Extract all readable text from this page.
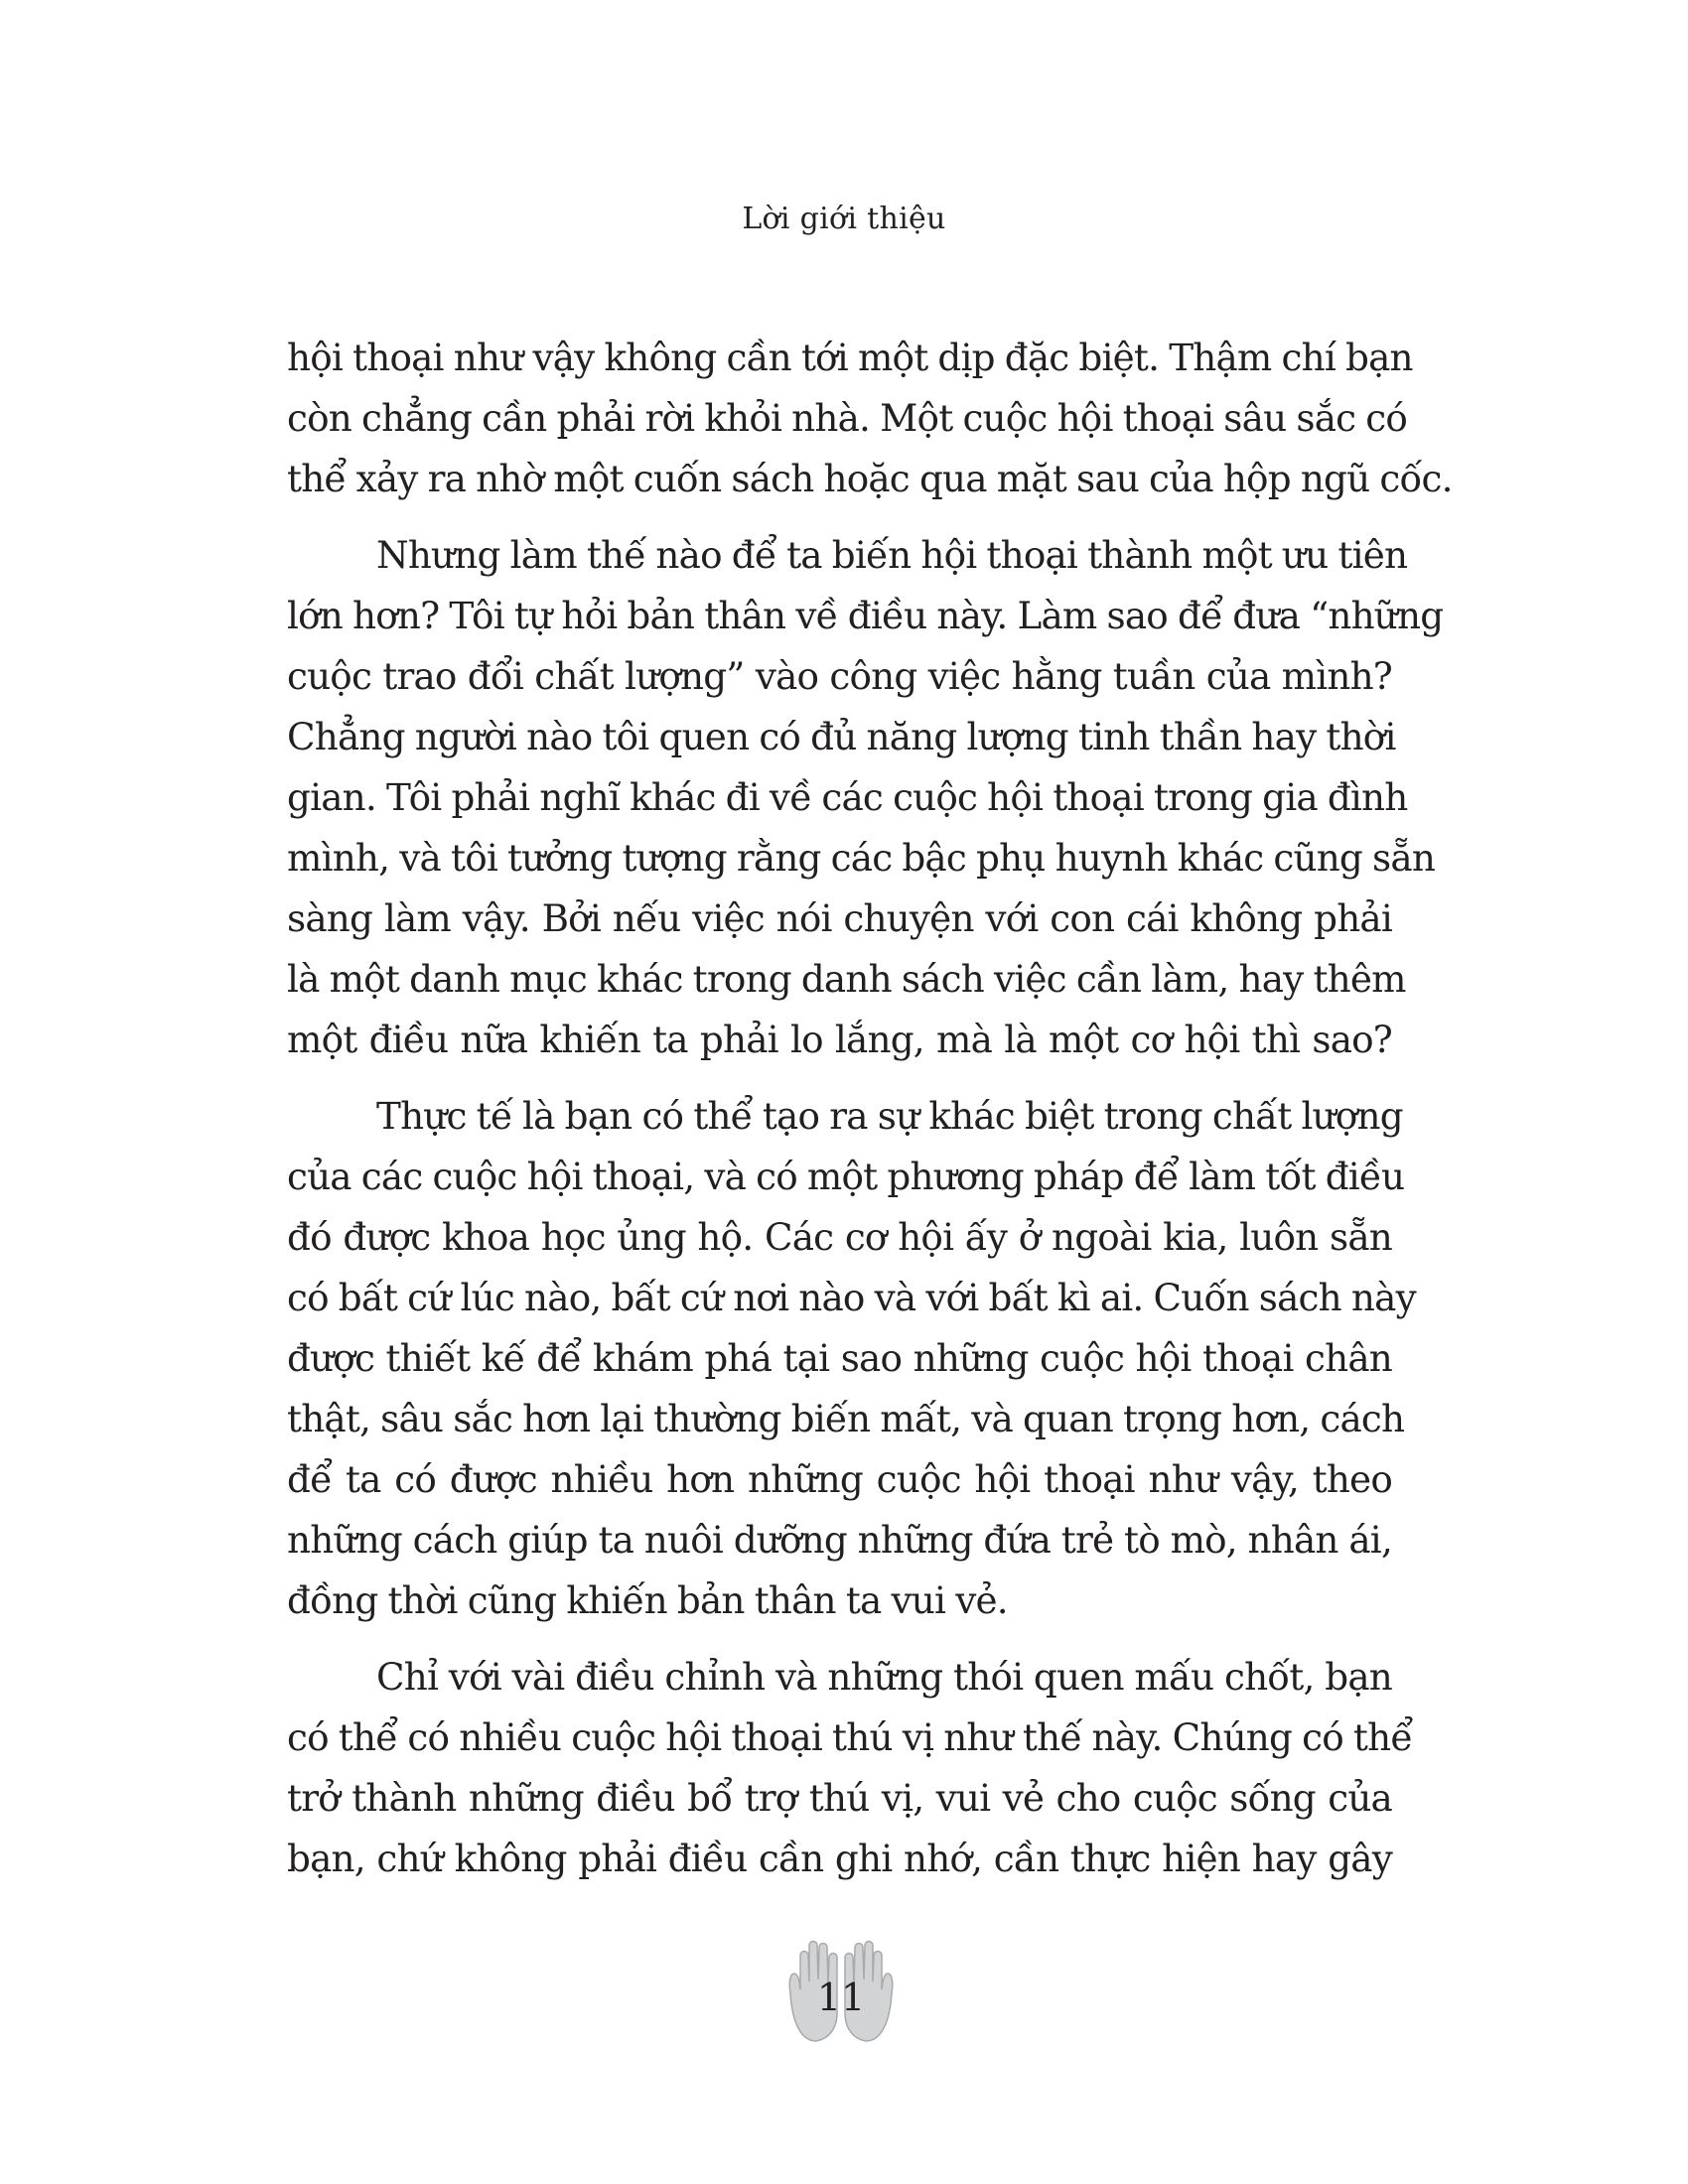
Lời giới thiệu

hội thoại như vậy không cần tới một dịp đặc biệt. Thậm chí bạn
còn chẳng cần phải rời khỏi nhà. Một cuộc hội thoại sâu sắc có
thể xảy ra nhờ một cuốn sách hoặc qua mặt sau của hộp ngũ cốc.

Nhưng làm thế nào để ta biến hội thoại thành một ưu tiên
lớn hơn? Tôi tự hỏi bản thân về điều này. Làm sao để đưa “những
cuộc trao đổi chất lượng” vào công việc hằng tuần của mình?
Chẳng người nào tôi quen có đủ năng lượng tinh thần hay thời
gian. Tôi phải nghĩ khác đi về các cuộc hội thoại trong gia đình
mình, và tôi tưởng tượng rằng các bậc phụ huynh khác cũng sẵn
sàng làm vậy. Bởi nếu việc nói chuyện với con cái không phải
là một danh mục khác trong danh sách việc cần làm, hay thêm
một điều nữa khiến ta phải lo lắng, mà là một cơ hội thì sao?

Thực tế là bạn có thể tạo ra sự khác biệt trong chất lượng
của các cuộc hội thoại, và có một phương pháp để làm tốt điều
đó được khoa học ủng hộ. Các cơ hội ấy ở ngoài kia, luôn sẵn
có bất cứ lúc nào, bất cứ nơi nào và với bất kì ai. Cuốn sách này
được thiết kế để khám phá tại sao những cuộc hội thoại chân
thật, sâu sắc hơn lại thường biến mất, và quan trọng hơn, cách
để ta có được nhiều hơn những cuộc hội thoại như vậy, theo
những cách giúp ta nuôi dưỡng những đứa trẻ tò mò, nhân ái,
đồng thời cũng khiến bản thân ta vui vẻ.

Chỉ với vài điều chỉnh và những thói quen mấu chốt, bạn
có thể có nhiều cuộc hội thoại thú vị như thế này. Chúng có thể
trở thành những điều bổ trợ thú vị, vui vẻ cho cuộc sống của
bạn, chứ không phải điều cần ghi nhớ, cần thực hiện hay gây

11
